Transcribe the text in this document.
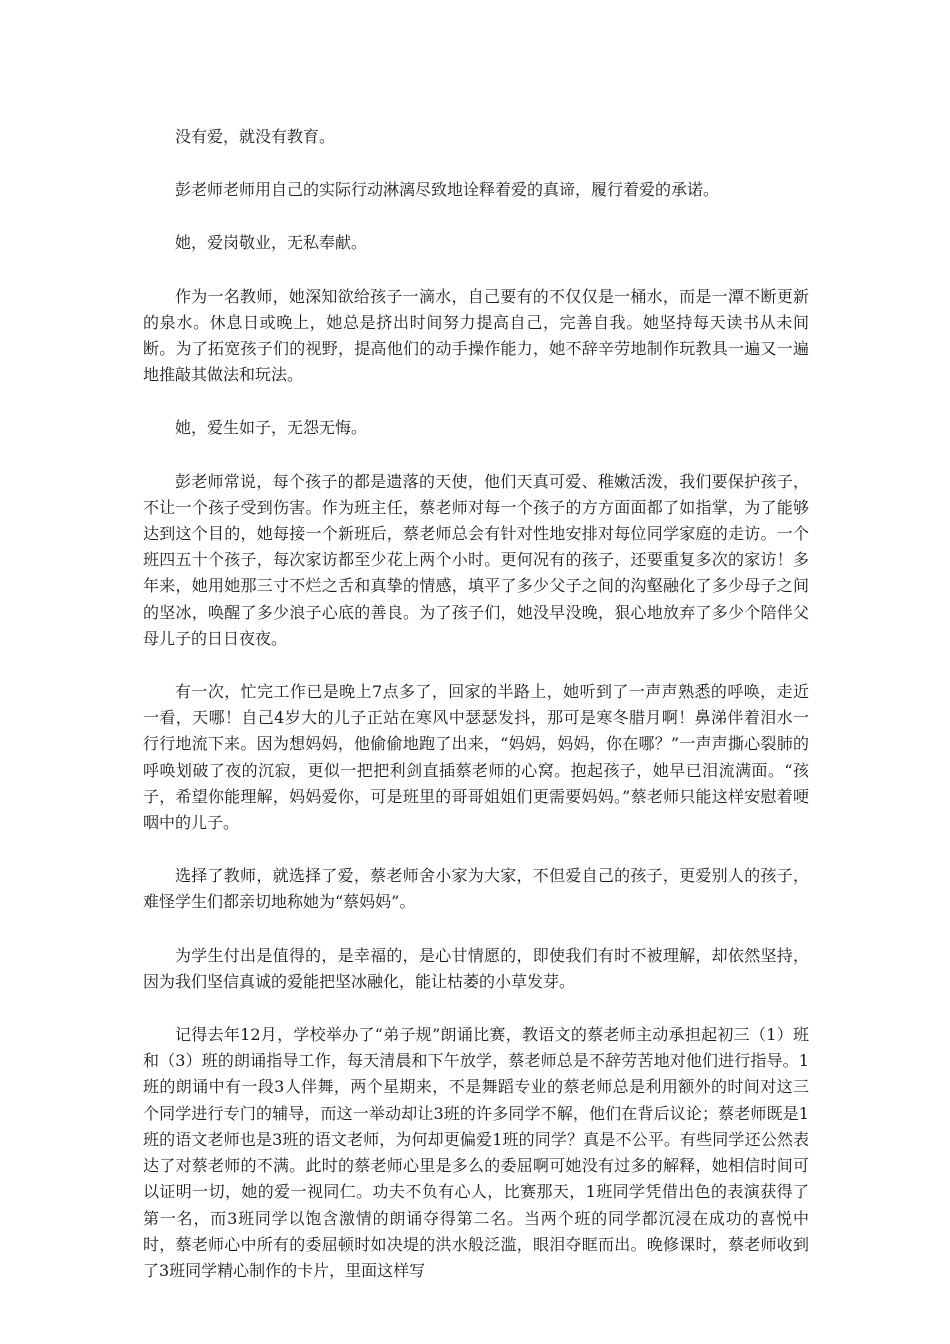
没有爱，就没有教育。

彭老师老师用自己的实际行动淋漓尽致地诠释着爱的真谛，履行着爱的承诺。

她，爱岗敬业，无私奉献。

作为一名教师，她深知欲给孩子一滴水，自己要有的不仅仅是一桶水，而是一潭不断更新的泉水。休息日或晚上，她总是挤出时间努力提高自己，完善自我。她坚持每天读书从未间断。为了拓宽孩子们的视野，提高他们的动手操作能力，她不辞辛劳地制作玩教具一遍又一遍地推敲其做法和玩法。

她，爱生如子，无怨无悔。

彭老师常说，每个孩子的都是遗落的天使，他们天真可爱、稚嫩活泼，我们要保护孩子，不让一个孩子受到伤害。作为班主任，蔡老师对每一个孩子的方方面面都了如指掌，为了能够达到这个目的，她每接一个新班后，蔡老师总会有针对性地安排对每位同学家庭的走访。一个班四五十个孩子，每次家访都至少花上两个小时。更何况有的孩子，还要重复多次的家访！多年来，她用她那三寸不烂之舌和真挚的情感，填平了多少父子之间的沟壑融化了多少母子之间的坚冰，唤醒了多少浪子心底的善良。为了孩子们，她没早没晚，狠心地放弃了多少个陪伴父母儿子的日日夜夜。

有一次，忙完工作已是晚上7点多了，回家的半路上，她听到了一声声熟悉的呼唤，走近一看，天哪！自己4岁大的儿子正站在寒风中瑟瑟发抖，那可是寒冬腊月啊！鼻涕伴着泪水一行行地流下来。因为想妈妈，他偷偷地跑了出来，“妈妈，妈妈，你在哪？”一声声撕心裂肺的呼唤划破了夜的沉寂，更似一把把利剑直插蔡老师的心窝。抱起孩子，她早已泪流满面。“孩子，希望你能理解，妈妈爱你，可是班里的哥哥姐姐们更需要妈妈。”蔡老师只能这样安慰着哽咽中的儿子。

选择了教师，就选择了爱，蔡老师舍小家为大家，不但爱自己的孩子，更爱别人的孩子，难怪学生们都亲切地称她为“蔡妈妈”。

为学生付出是值得的，是幸福的，是心甘情愿的，即使我们有时不被理解，却依然坚持，因为我们坚信真诚的爱能把坚冰融化，能让枯萎的小草发芽。

记得去年12月，学校举办了“弟子规”朗诵比赛，教语文的蔡老师主动承担起初三（1）班和（3）班的朗诵指导工作，每天清晨和下午放学，蔡老师总是不辞劳苦地对他们进行指导。1班的朗诵中有一段3人伴舞，两个星期来，不是舞蹈专业的蔡老师总是利用额外的时间对这三个同学进行专门的辅导，而这一举动却让3班的许多同学不解，他们在背后议论；蔡老师既是1班的语文老师也是3班的语文老师，为何却更偏爱1班的同学？真是不公平。有些同学还公然表达了对蔡老师的不满。此时的蔡老师心里是多么的委屈啊可她没有过多的解释，她相信时间可以证明一切，她的爱一视同仁。功夫不负有心人，比赛那天，1班同学凭借出色的表演获得了第一名，而3班同学以饱含激情的朗诵夺得第二名。当两个班的同学都沉浸在成功的喜悦中时，蔡老师心中所有的委屈顿时如决堤的洪水般泛滥，眼泪夺眶而出。晚修课时，蔡老师收到了3班同学精心制作的卡片，里面这样写
